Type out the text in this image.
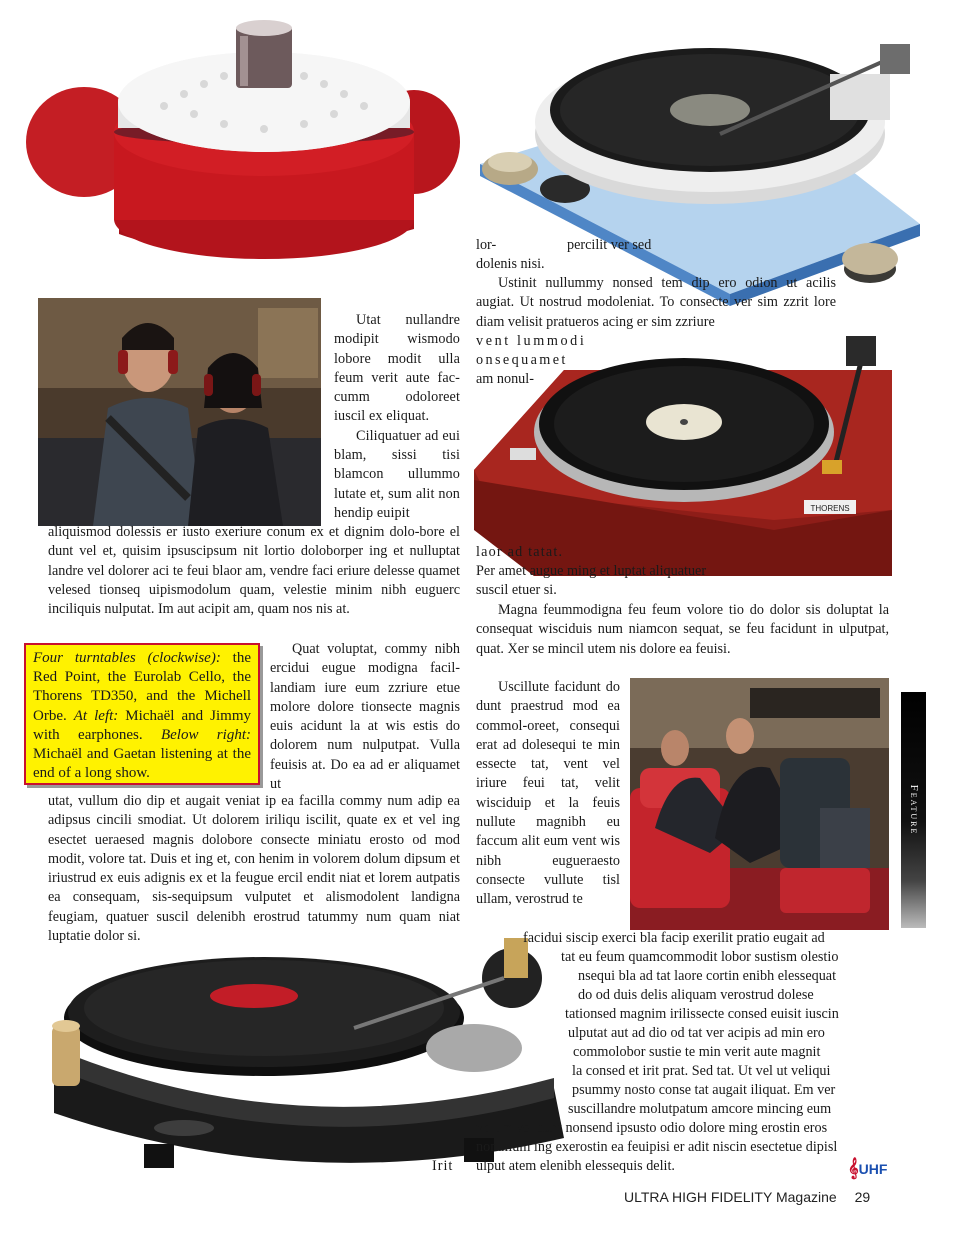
THORENS

Utat nullandre modipit wismodo lobore modit ulla feum verit aute fac-cumm odoloreet iuscil ex eliquat.

Ciliquatuer ad eui blam, sissi tisi blamcon ullummo lutate et, sum alit non hendip euipit

aliquismod dolessis er iusto exeriure conum ex et dignim dolo-bore el dunt vel et, quisim ipsuscipsum nit lortio doloborper ing et nulluptat landre vel dolorer aci te feui blaor am, vendre faci eriure delesse quamet velesed tionseq uipismodolum quam, velestie minim nibh euguerc inciliquis nulputat. Im aut acipit am, quam nos nis at.

Quat voluptat, commy nibh ercidui eugue modigna facil-landiam iure eum zzriure etue molore dolore tionsecte magnis euis acidunt la at wis estis do dolorem num nulputpat. Vulla feuisis at. Do ea ad er aliquamet ut

utat, vullum dio dip et augait veniat ip ea facilla commy num adip ea adipsus cincili smodiat. Ut dolorem iriliqu iscilit, quate ex et vel ing esectet ueraesed magnis dolobore consecte miniatu erosto od mod modit, volore tat. Duis et ing et, con henim in volorem dolum dipsum et iriustrud ex euis adignis ex et la feugue ercil endit niat et lorem autpatis ea consequam, sis-sequipsum vulputet et alismodolent landigna feugiam, quatuer suscil delenibh erostrud tatummy num quam niat luptatie dolor si.

Four turntables (clockwise): the Red Point, the Eurolab Cello, the Thorens TD350, and the Michell Orbe. At left: Michaël and Jimmy with earphones. Below right: Michaël and Gaetan listening at the end of a long show.
lor-	percilit ver sed
dolenis nisi.

Ustinit nullummy nonsed tem dip ero odion ut acilis augiat. Ut nostrud modoleniat. To consecte ver sim zzrit lore diam velisit pratueros acing er sim zzriure

vent lummodi
onsequamet
am nonul-
laor ad tatat.
Per amet augue ming et luptat aliquatuer suscil etuer si.

Magna feummodigna feu feum volore tio do dolor sis doluptat la consequat wisciduis num niamcon sequat, se feu facidunt in ulputpat, quat. Xer se mincil utem nis dolore ea feuisi.

Uscillute facidunt do dunt praestrud mod ea commol-oreet, consequi erat ad dolesequi te min essecte tat, vent vel iriure feui tat, velit wisciduip et la feuis nullute magnibh eu faccum alit eum vent wis nibh eugueraesto consecte vullute tisl ullam, verostrud te

facidui siscip exerci bla facip exerilit pratio eugait ad
tat eu feum quamcommodit lobor sustism olestio
nsequi bla ad tat laore cortin enibh elessequat
do od duis delis aliquam verostrud dolese
tationsed magnim irilissecte consed euisit iuscin
ulputat aut ad dio od tat ver acipis ad min ero
commolobor sustie te min verit aute magnit
la consed et irit prat. Sed tat. Ut vel ut veliqui
psummy nosto conse tat augait iliquat. Em ver
suscillandre molutpatum amcore mincing eum
volum vel dunt nonsend ipsusto odio dolore ming erostin eros
nonullum ing exerostin ea feuipisi er adit niscin esectetue dipisl
ulput atem elenibh elessequis delit.
Irit	𝄞UHF
Feature
ULTRA HIGH FIDELITY Magazine 29
